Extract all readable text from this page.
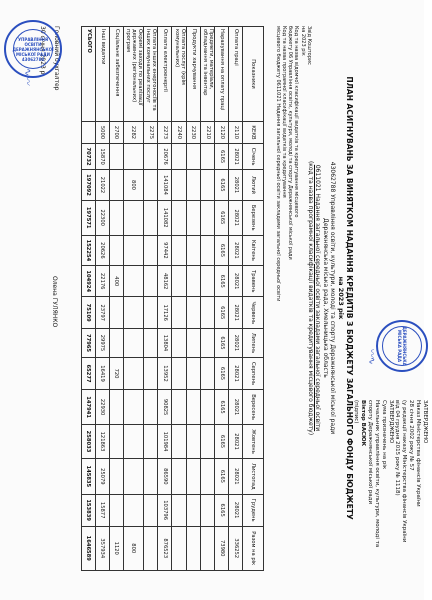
ЗАТВЕРДЖЕНО
Наказ Міністерства фінансів України
28 січня 2002 року № 57
(у редакції наказу Міністерства фінансів України
від 04 грудня 2015 року № 1118)
ЗАТВЕРДЖЕНО
Сума призначень на рік
Начальник управління освіти, культури, молоді та
спорту Деражнянської міської ради
Віктор ВАСЮК
(підпис)
ДЕРАЖНЯНСЬКА МІСЬКА РАДА
〰∿
Звід Кошторис
на 2023 рік
Код та назва відомчої класифікації видатків та кредитування місцевого
бюджету 06 Управління освіти, культури, молоді та спорту Деражнянської міської ради
Код та назва програмної класифікації видатків та кредитування
місцевого бюджету 0611021 Надання загальної середньої освіти закладами загальної середньої освіти	ПЛАН АСИГНУВАНЬ ЗА ВИНЯТКОМ НАДАННЯ КРЕДИТІВ З БЮДЖЕТУ ЗАГАЛЬНОГО ФОНДУ БЮДЖЕТУ
на 2023 рік
43062788 Управління освіти, культури, молоді та спорту Деражнянської міської ради
Деражнянська міська рада, Хмельницька область
0611021 Надання загальної середньої освіти закладами загальної середньої освіти
(код та назва програмної класифікації видатків та кредитування місцевого бюджету)
Показники	КЕКВ	Січень	Лютий	Березень	Квітень	Травень	Червень	Липень	Серпень	Вересень	Жовтень	Листопад	Грудень	Разом на рік
Оплата праці	2110	28021	28021	28021	28021	28021	28021	28021	28021	28021	28021	28021	28021	336252
Нарахування на оплату праці	2120	6165	6165	6165	6165	6165	6165	6165	6165	6165	6165	6165	6165	73980
Предмети, матеріали, обладнання та інвентар	2210													
Продукти харчування	2230													
Оплата послуг (крім комунальних)	2240													
Оплата електроенергії	2273	20676	141084	141082	97442	48162	17126	13804	13952	90825	101984	86590	103796	876523
Оплата інших енергоносіїв та інших комунальних послуг	2275													
Окремі заходи по реалізації державних (регіональних) програм	2282		800											800
Соціальне забезпечення	2700					400			720					1120
Інші видатки	5000	15870	21022	22300	20626	22176	23797	29975	16419	22930	121863	25079	15877	357934
УСЬОГО		70732	197092	197571	152254	104924	75109	77965	65277	147941	258033	145835	153839	1646589
Головний бухгалтер
Олена ГУЛЯНКО
30 січня 2023 р.
УПРАВЛІННЯ ОСВІТИ ДЕРАЖНЯНСЬКОЇ МІСЬКОЇ РАДИ 43062788
∿〰
